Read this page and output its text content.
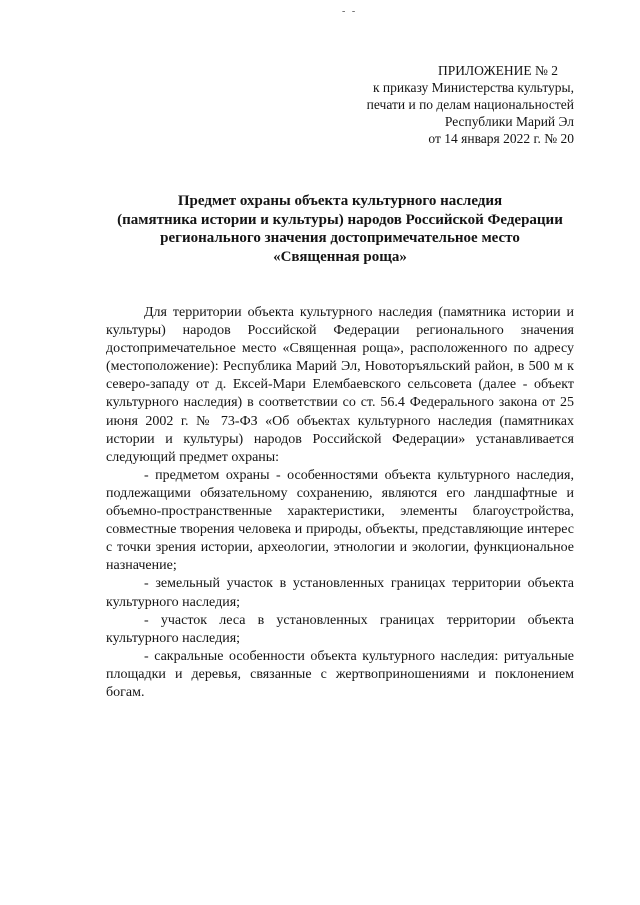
- -
ПРИЛОЖЕНИЕ № 2
к приказу Министерства культуры,
печати и по делам национальностей
Республики Марий Эл
от 14 января 2022 г. № 20
Предмет охраны объекта культурного наследия
(памятника истории и культуры) народов Российской Федерации
регионального значения достопримечательное место
«Священная роща»
Для территории объекта культурного наследия (памятника истории и культуры) народов Российской Федерации регионального значения достопримечательное место «Священная роща», расположенного по адресу (местоположение): Республика Марий Эл, Новоторъяльский район, в 500 м к северо-западу от д. Ексей-Мари Елембаевского сельсовета (далее - объект культурного наследия) в соответствии со ст. 56.4 Федерального закона от 25 июня 2002 г. № 73-ФЗ «Об объектах культурного наследия (памятниках истории и культуры) народов Российской Федерации» устанавливается следующий предмет охраны:
- предметом охраны - особенностями объекта культурного наследия, подлежащими обязательному сохранению, являются его ландшафтные и объемно-пространственные характеристики, элементы благоустройства, совместные творения человека и природы, объекты, представляющие интерес с точки зрения истории, археологии, этнологии и экологии, функциональное назначение;
- земельный участок в установленных границах территории объекта культурного наследия;
- участок леса в установленных границах территории объекта культурного наследия;
- сакральные особенности объекта культурного наследия: ритуальные площадки и деревья, связанные с жертвоприношениями и поклонением богам.
